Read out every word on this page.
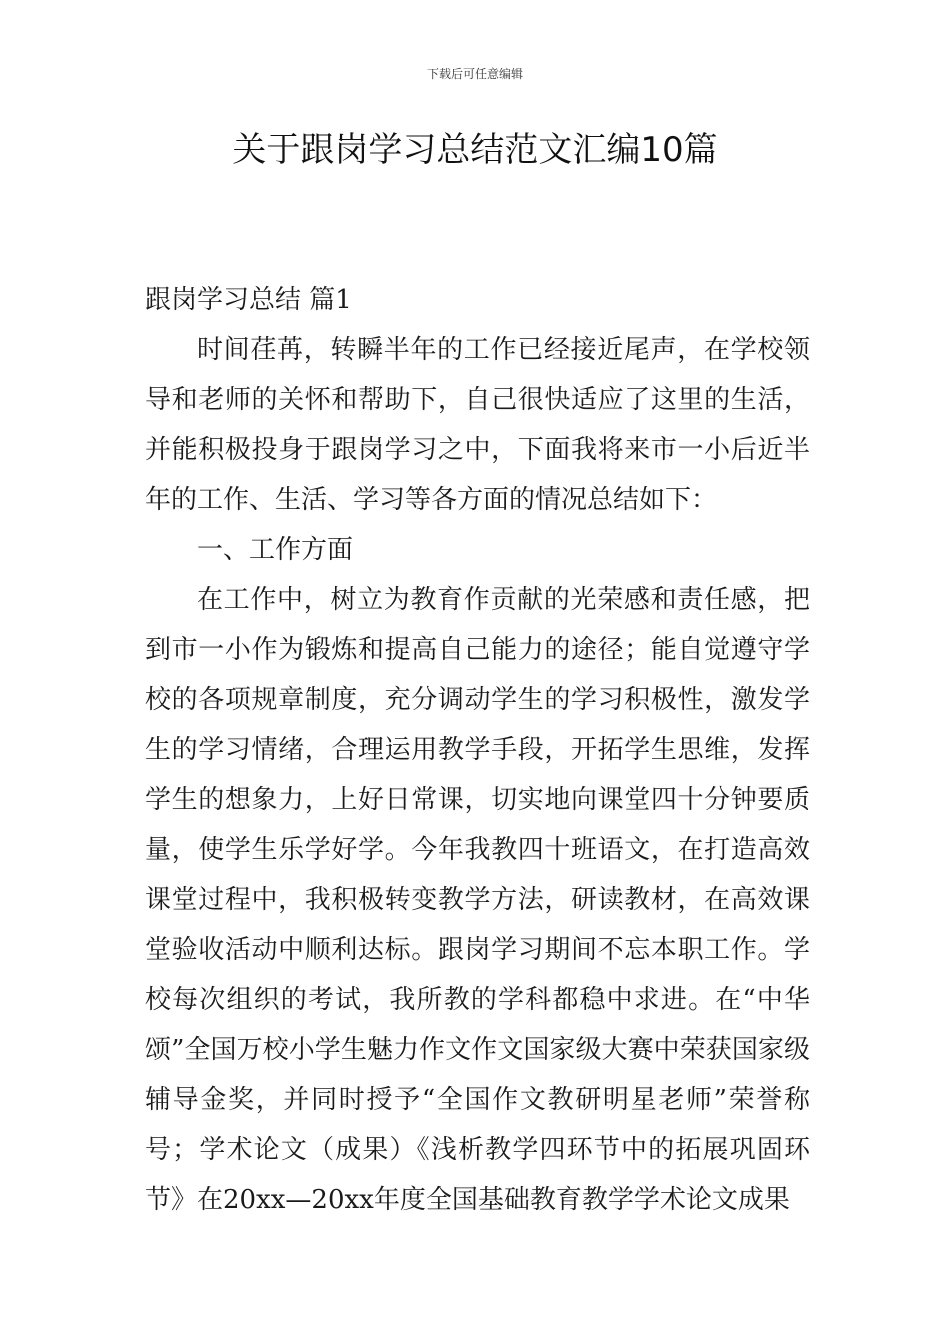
下载后可任意编辑
关于跟岗学习总结范文汇编10篇

跟岗学习总结 篇1

时间荏苒，转瞬半年的工作已经接近尾声，在学校领导和老师的关怀和帮助下，自己很快适应了这里的生活，并能积极投身于跟岗学习之中，下面我将来市一小后近半年的工作、生活、学习等各方面的情况总结如下：

一、工作方面

在工作中，树立为教育作贡献的光荣感和责任感，把到市一小作为锻炼和提高自己能力的途径；能自觉遵守学校的各项规章制度，充分调动学生的学习积极性，激发学生的学习情绪，合理运用教学手段，开拓学生思维，发挥学生的想象力，上好日常课，切实地向课堂四十分钟要质量，使学生乐学好学。今年我教四十班语文，在打造高效课堂过程中，我积极转变教学方法，研读教材，在高效课堂验收活动中顺利达标。跟岗学习期间不忘本职工作。学校每次组织的考试，我所教的学科都稳中求进。在“中华颂”全国万校小学生魅力作文作文国家级大赛中荣获国家级辅导金奖，并同时授予“全国作文教研明星老师”荣誉称号；学术论文（成果）《浅析教学四环节中的拓展巩固环节》在20xx—20xx年度全国基础教育教学学术论文成果
